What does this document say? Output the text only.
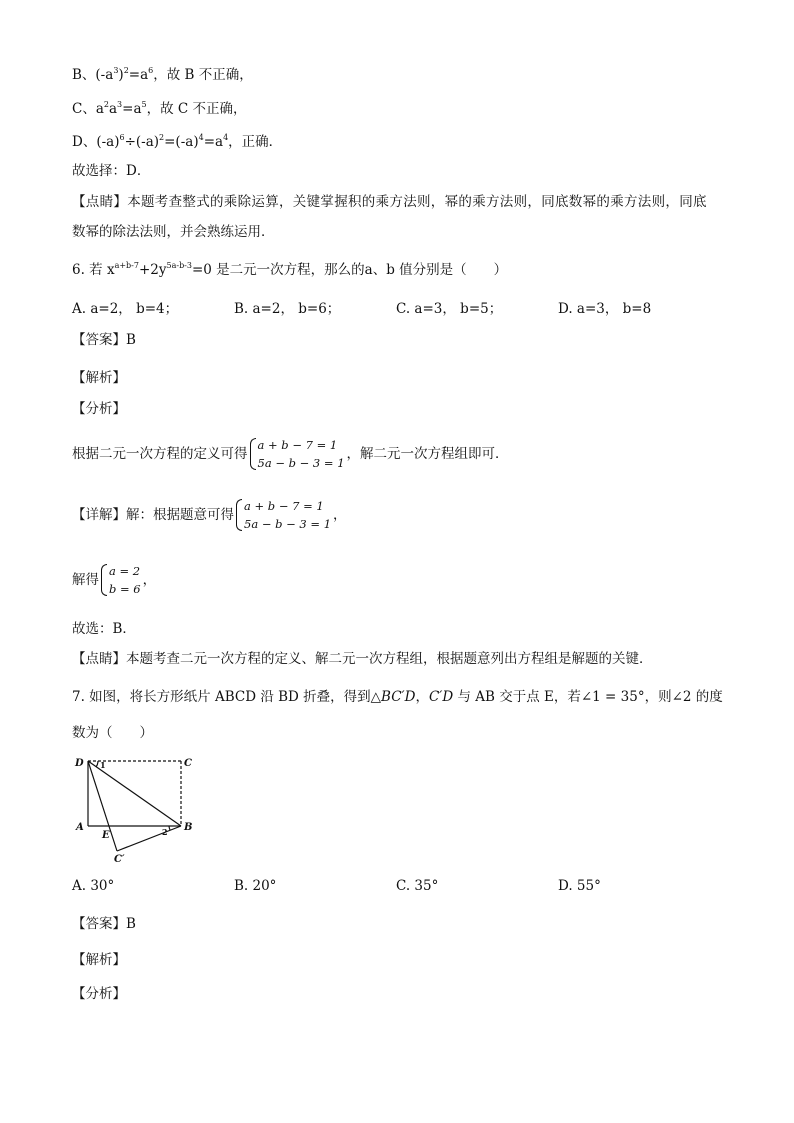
B、$(-a^3)^2=a^6$，故 B 不正确，
C、$a^2a^3=a^5$，故 C 不正确，
D、$(-a)^6\div(-a)^2=(-a)^4=a^4$，正确．
故选择：D．
【点睛】本题考查整式的乘除运算，关键掌握积的乘方法则，幂的乘方法则，同底数幂的乘方法则，同底
数幂的除法法则，并会熟练运用．
6. 若 $x^{a+b-7}+2y^{5a-b-3}=0$ 是二元一次方程，那么的a、b 值分别是（　　）
A. a=2， b=4；	B. a=2， b=6；	C. a=3， b=5；	D. a=3， b=8
【答案】B
【解析】
【分析】
根据二元一次方程的定义可得
a + b − 7 = 1
5a − b − 3 = 1
，解二元一次方程组即可．
【详解】解：根据题意可得
a + b − 7 = 1
5a − b − 3 = 1
，
解得
a = 2
b = 6
，
故选：B．
【点睛】本题考查二元一次方程的定义、解二元一次方程组，根据题意列出方程组是解题的关键．
7. 如图，将长方形纸片 ABCD 沿 BD 折叠，得到△BC′D，C′D 与 AB 交于点 E，若∠1 = 35°，则∠2 的度
数为（　　）
D	C
A
E
B
C′
1
2
A. 30°	B. 20°	C. 35°	D. 55°
【答案】B
【解析】
【分析】
